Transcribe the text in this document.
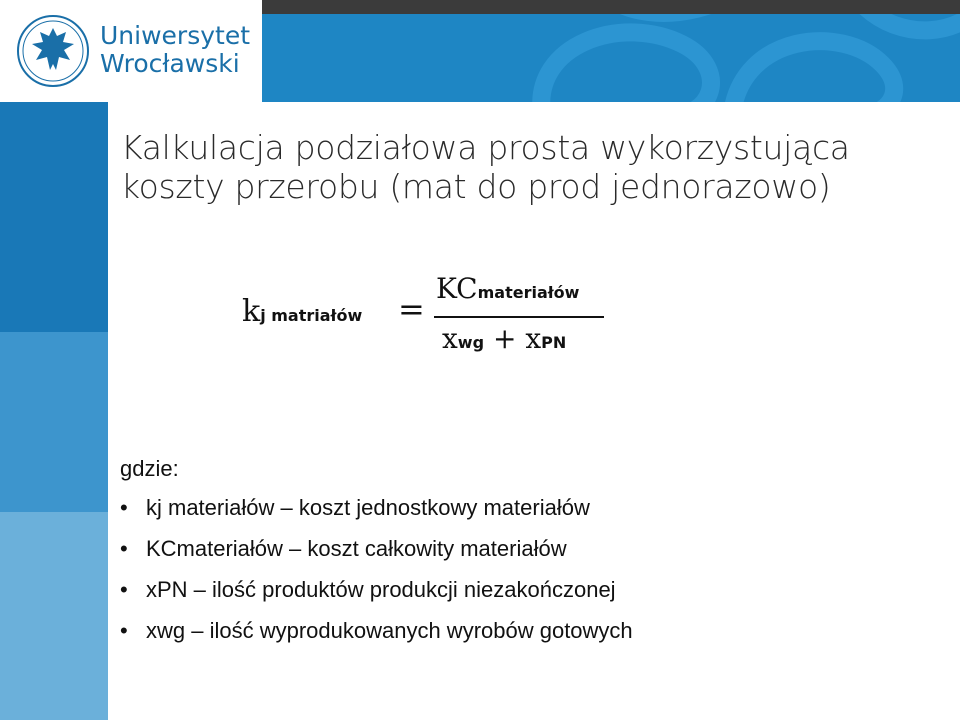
Uniwersytet
Wrocławski
Kalkulacja podziałowa prosta wykorzystująca
koszty przerobu (mat do prod jednorazowo)
kj matriałów =
KCmateriałów
xwg + xPN
gdzie:
• kj materiałów – koszt jednostkowy materiałów
• KCmateriałów – koszt całkowity materiałów
• xPN – ilość produktów produkcji niezakończonej
• xwg – ilość wyprodukowanych wyrobów gotowych
